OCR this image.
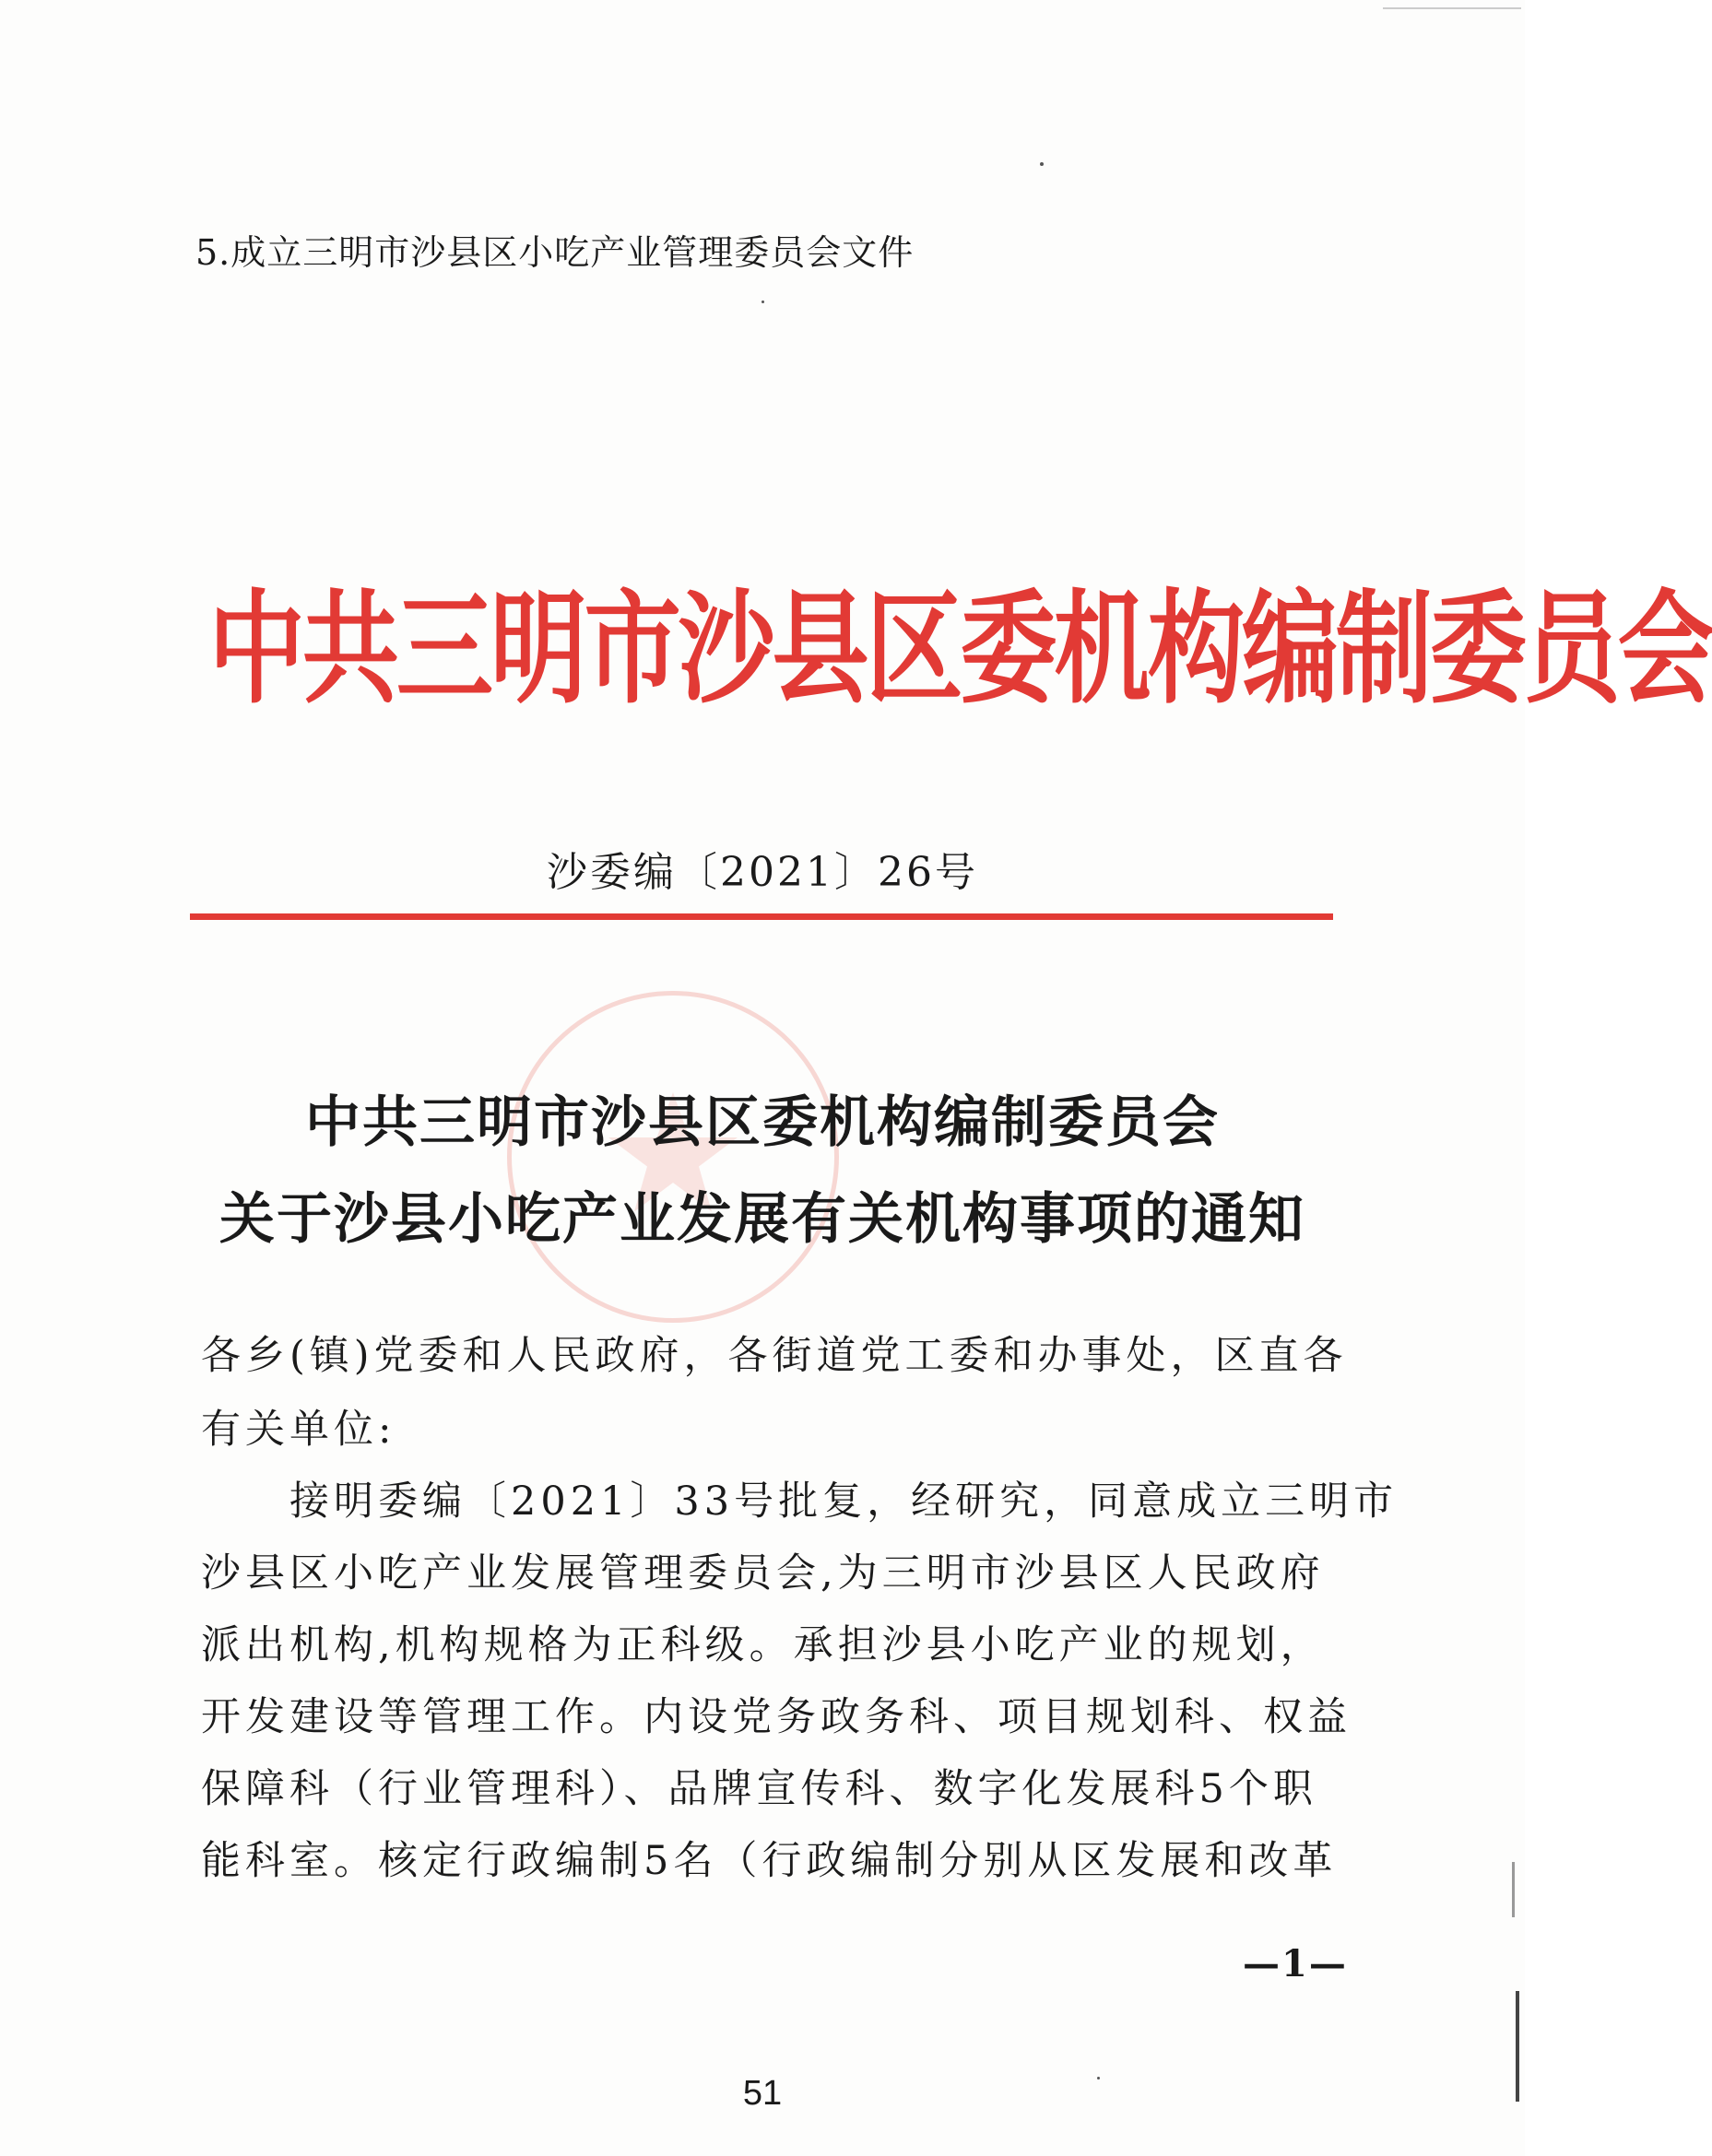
5.成立三明市沙县区小吃产业管理委员会文件
中共三明市沙县区委机构编制委员会
沙委编〔2021〕26号
中共三明市沙县区委机构编制委员会
关于沙县小吃产业发展有关机构事项的通知
各乡(镇)党委和人民政府，各街道党工委和办事处，区直各
有关单位:
　　接明委编〔2021〕33号批复，经研究，同意成立三明市
沙县区小吃产业发展管理委员会,为三明市沙县区人民政府
派出机构,机构规格为正科级。承担沙县小吃产业的规划，
开发建设等管理工作。内设党务政务科、项目规划科、权益
保障科（行业管理科）、品牌宣传科、数字化发展科5个职
能科室。核定行政编制5名（行政编制分别从区发展和改革
—1—
51
